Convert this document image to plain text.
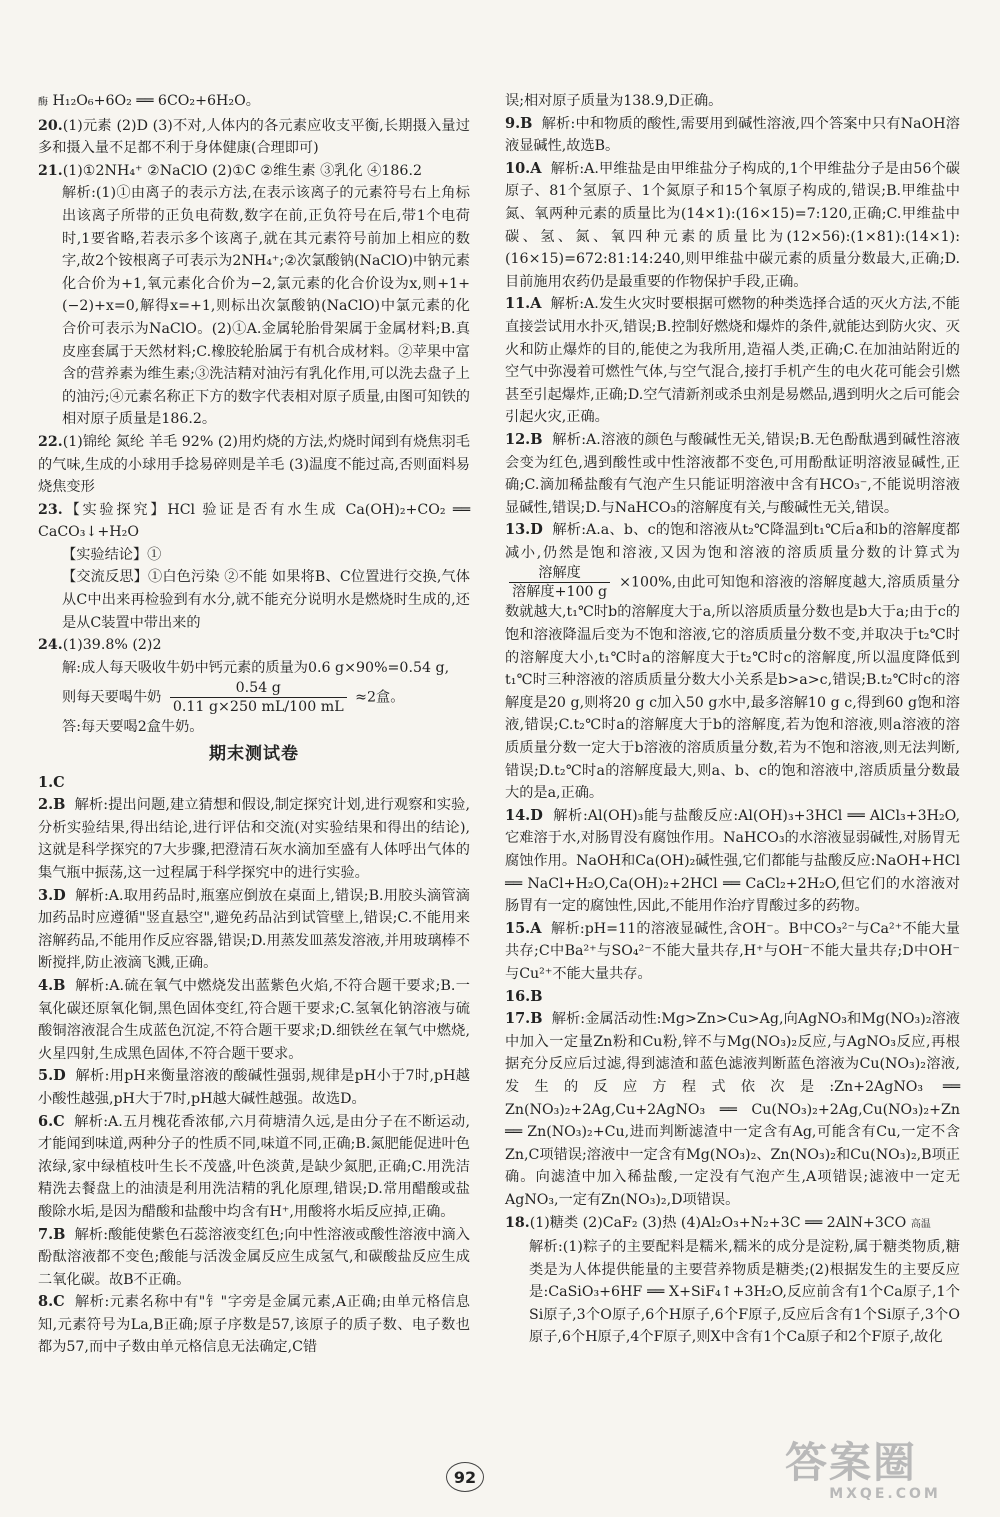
酶 H₁₂O₆+6O₂ ══ 6CO₂+6H₂O。

20.(1)元素 (2)D (3)不对,人体内的各元素应收支平衡,长期摄入量过多和摄入量不足都不利于身体健康(合理即可)

21.(1)①2NH₄⁺ ②NaClO (2)①C ②维生素 ③乳化 ④186.2

解析:(1)①由离子的表示方法,在表示该离子的元素符号右上角标出该离子所带的正负电荷数,数字在前,正负符号在后,带1个电荷时,1要省略,若表示多个该离子,就在其元素符号前加上相应的数字,故2个铵根离子可表示为2NH₄⁺;②次氯酸钠(NaClO)中钠元素化合价为+1,氧元素化合价为−2,氯元素的化合价设为x,则+1+(−2)+x=0,解得x=+1,则标出次氯酸钠(NaClO)中氯元素的化合价可表示为NaClO。(2)①A.金属轮胎骨架属于金属材料;B.真皮座套属于天然材料;C.橡胶轮胎属于有机合成材料。②苹果中富含的营养素为维生素;③洗洁精对油污有乳化作用,可以洗去盘子上的油污;④元素名称正下方的数字代表相对原子质量,由图可知铁的相对原子质量是186.2。

22.(1)锦纶 氮纶 羊毛 92% (2)用灼烧的方法,灼烧时闻到有烧焦羽毛的气味,生成的小球用手捻易碎则是羊毛 (3)温度不能过高,否则面料易烧焦变形

23.【实验探究】HCl 验证是否有水生成 Ca(OH)₂+CO₂ ══ CaCO₃↓+H₂O

【实验结论】①

【交流反思】①白色污染 ②不能 如果将B、C位置进行交换,气体从C中出来再检验到有水分,就不能充分说明水是燃烧时生成的,还是从C装置中带出来的

24.(1)39.8% (2)2

解:成人每天吸收牛奶中钙元素的质量为0.6 g×90%=0.54 g,

则每天要喝牛奶 $\frac{0.54 g}{0.11 g\times 250 mL/100 mL} \approx 2$盒。

答:每天要喝2盒牛奶。

期末测试卷

1.C

2.B 解析:提出问题,建立猜想和假设,制定探究计划,进行观察和实验,分析实验结果,得出结论,进行评估和交流(对实验结果和得出的结论),这就是科学探究的7大步骤,把澄清石灰水滴加至盛有人体呼出气体的集气瓶中振荡,这一过程属于科学探究中的进行实验。

3.D 解析:A.取用药品时,瓶塞应倒放在桌面上,错误;B.用胶头滴管滴加药品时应遵循"竖直悬空",避免药品沾到试管壁上,错误;C.不能用来溶解药品,不能用作反应容器,错误;D.用蒸发皿蒸发溶液,并用玻璃棒不断搅拌,防止液滴飞溅,正确。

4.B 解析:A.硫在氧气中燃烧发出蓝紫色火焰,不符合题干要求;B.一氧化碳还原氧化铜,黑色固体变红,符合题干要求;C.氢氧化钠溶液与硫酸铜溶液混合生成蓝色沉淀,不符合题干要求;D.细铁丝在氧气中燃烧,火星四射,生成黑色固体,不符合题干要求。

5.D 解析:用pH来衡量溶液的酸碱性强弱,规律是pH小于7时,pH越小酸性越强,pH大于7时,pH越大碱性越强。故选D。

6.C 解析:A.五月槐花香浓郁,六月荷塘清久远,是由分子在不断运动,才能闻到味道,两种分子的性质不同,味道不同,正确;B.氮肥能促进叶色浓绿,家中绿植枝叶生长不茂盛,叶色淡黄,是缺少氮肥,正确;C.用洗洁精洗去餐盘上的油渍是利用洗洁精的乳化原理,错误;D.常用醋酸或盐酸除水垢,是因为醋酸和盐酸中均含有H⁺,用酸将水垢反应掉,正确。

7.B 解析:酸能使紫色石蕊溶液变红色;向中性溶液或酸性溶液中滴入酚酞溶液都不变色;酸能与活泼金属反应生成氢气,和碳酸盐反应生成二氧化碳。故B不正确。

8.C 解析:元素名称中有"钅"字旁是金属元素,A正确;由单元格信息知,元素符号为La,B正确;原子序数是57,该原子的质子数、电子数也都为57,而中子数由单元格信息无法确定,C错

误;相对原子质量为138.9,D正确。

9.B 解析:中和物质的酸性,需要用到碱性溶液,四个答案中只有NaOH溶液显碱性,故选B。

10.A 解析:A.甲维盐是由甲维盐分子构成的,1个甲维盐分子是由56个碳原子、81个氢原子、1个氮原子和15个氧原子构成的,错误;B.甲维盐中氮、氧两种元素的质量比为(14×1):(16×15)=7:120,正确;C.甲维盐中碳、氢、氮、氧四种元素的质量比为(12×56):(1×81):(14×1):(16×15)=672:81:14:240,则甲维盐中碳元素的质量分数最大,正确;D.目前施用农药仍是最重要的作物保护手段,正确。

11.A 解析:A.发生火灾时要根据可燃物的种类选择合适的灭火方法,不能直接尝试用水扑灭,错误;B.控制好燃烧和爆炸的条件,就能达到防火灾、灭火和防止爆炸的目的,能使之为我所用,造福人类,正确;C.在加油站附近的空气中弥漫着可燃性气体,与空气混合,接打手机产生的电火花可能会引燃甚至引起爆炸,正确;D.空气清新剂或杀虫剂是易燃品,遇到明火之后可能会引起火灾,正确。

12.B 解析:A.溶液的颜色与酸碱性无关,错误;B.无色酚酞遇到碱性溶液会变为红色,遇到酸性或中性溶液都不变色,可用酚酞证明溶液显碱性,正确;C.滴加稀盐酸有气泡产生只能证明溶液中含有HCO₃⁻,不能说明溶液显碱性,错误;D.与NaHCO₃的溶解度有关,与酸碱性无关,错误。

13.D 解析:A.a、b、c的饱和溶液从t₂℃降温到t₁℃后a和b的溶解度都减小,仍然是饱和溶液,又因为饱和溶液的溶质质量分数的计算式为
$\frac{\text{溶解度}}{\text{溶解度+100 g}} \times 100\%$,由此可知饱和溶液的溶解度越大,溶质质量分数就越大,t₁℃时b的溶解度大于a,所以溶质质量分数也是b大于a;由于c的饱和溶液降温后变为不饱和溶液,它的溶质质量分数不变,并取决于t₂℃时的溶解度大小,t₁℃时a的溶解度大于t₂℃时c的溶解度,所以温度降低到t₁℃时三种溶液的溶质质量分数大小关系是b>a>c,错误;B.t₂℃时c的溶解度是20 g,则将20 g c加入50 g水中,最多溶解10 g c,得到60 g饱和溶液,错误;C.t₂℃时a的溶解度大于b的溶解度,若为饱和溶液,则a溶液的溶质质量分数一定大于b溶液的溶质质量分数,若为不饱和溶液,则无法判断,错误;D.t₂℃时a的溶解度最大,则a、b、c的饱和溶液中,溶质质量分数最大的是a,正确。

14.D 解析:Al(OH)₃能与盐酸反应:Al(OH)₃+3HCl ══ AlCl₃+3H₂O,它难溶于水,对肠胃没有腐蚀作用。NaHCO₃的水溶液显弱碱性,对肠胃无腐蚀作用。NaOH和Ca(OH)₂碱性强,它们都能与盐酸反应:NaOH+HCl ══ NaCl+H₂O,Ca(OH)₂+2HCl ══ CaCl₂+2H₂O,但它们的水溶液对肠胃有一定的腐蚀性,因此,不能用作治疗胃酸过多的药物。

15.A 解析:pH=11的溶液显碱性,含OH⁻。B中CO₃²⁻与Ca²⁺不能大量共存;C中Ba²⁺与SO₄²⁻不能大量共存,H⁺与OH⁻不能大量共存;D中OH⁻与Cu²⁺不能大量共存。

16.B

17.B 解析:金属活动性:Mg>Zn>Cu>Ag,向AgNO₃和Mg(NO₃)₂溶液中加入一定量Zn粉和Cu粉,锌不与Mg(NO₃)₂反应,与AgNO₃反应,再根据充分反应后过滤,得到滤渣和蓝色滤液判断蓝色溶液为Cu(NO₃)₂溶液,发生的反应方程式依次是:Zn+2AgNO₃ ══ Zn(NO₃)₂+2Ag,Cu+2AgNO₃ ══ Cu(NO₃)₂+2Ag,Cu(NO₃)₂+Zn ══ Zn(NO₃)₂+Cu,进而判断滤渣中一定含有Ag,可能含有Cu,一定不含Zn,C项错误;溶液中一定含有Mg(NO₃)₂、Zn(NO₃)₂和Cu(NO₃)₂,B项正确。向滤渣中加入稀盐酸,一定没有气泡产生,A项错误;滤液中一定无AgNO₃,一定有Zn(NO₃)₂,D项错误。

18.(1)糖类 (2)CaF₂ (3)热 (4)Al₂O₃+N₂+3C ══ 2AlN+3CO 高温

解析:(1)粽子的主要配料是糯米,糯米的成分是淀粉,属于糖类物质,糖类是为人体提供能量的主要营养物质是糖类;(2)根据发生的主要反应是:CaSiO₃+6HF ══ X+SiF₄↑+3H₂O,反应前含有1个Ca原子,1个Si原子,3个O原子,6个H原子,6个F原子,反应后含有1个Si原子,3个O原子,6个H原子,4个F原子,则X中含有1个Ca原子和2个F原子,故化

92	答案圈
MXQE.COM
